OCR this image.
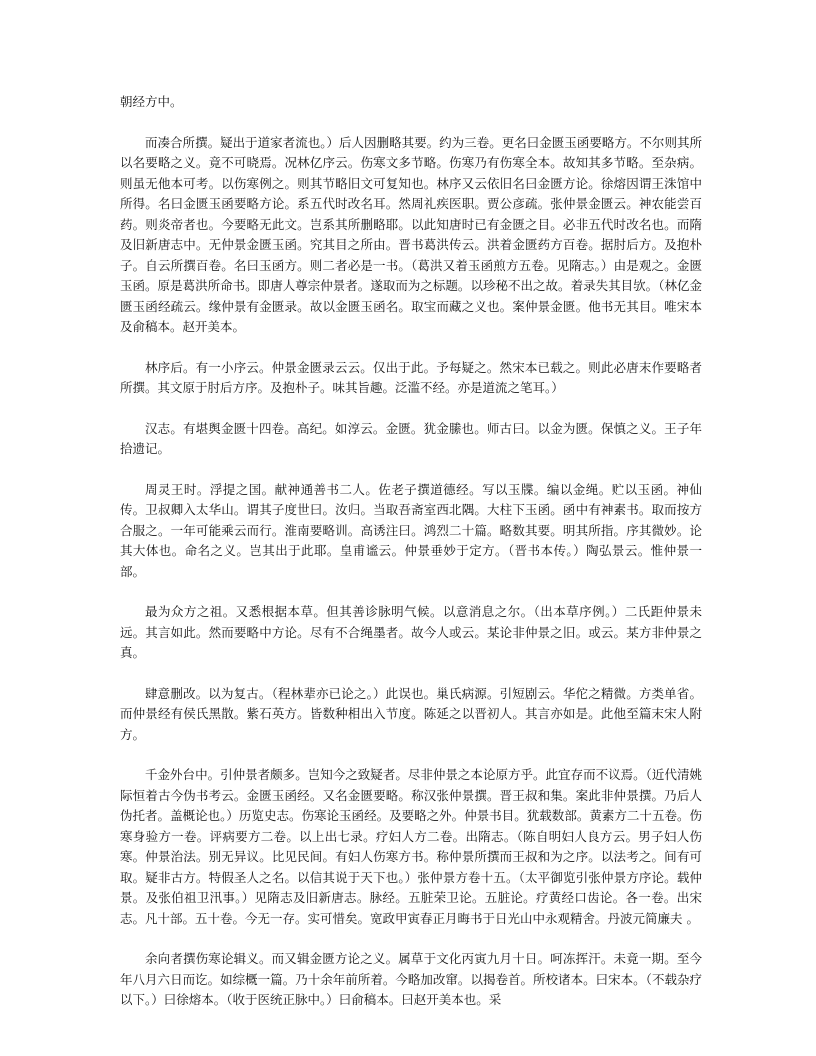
朝经方中。

而凑合所撰。疑出于道家者流也。）后人因删略其要。约为三卷。更名曰金匮玉函要略方。不尔则其所以名要略之义。竟不可晓焉。况林亿序云。伤寒文多节略。伤寒乃有伤寒全本。故知其多节略。至杂病。则虽无他本可考。以伤寒例之。则其节略旧文可复知也。林序又云依旧名曰金匮方论。徐熔因谓王洙馆中所得。名曰金匮玉函要略方论。系五代时改名耳。然周礼疾医职。贾公彦疏。张仲景金匮云。神农能尝百药。则炎帝者也。今要略无此文。岂系其所删略耶。以此知唐时已有金匮之目。必非五代时改名也。而隋及旧新唐志中。无仲景金匮玉函。究其目之所由。晋书葛洪传云。洪着金匮药方百卷。据肘后方。及抱朴子。自云所撰百卷。名曰玉函方。则二者必是一书。（葛洪又着玉函煎方五卷。见隋志。）由是观之。金匮玉函。原是葛洪所命书。即唐人尊宗仲景者。遂取而为之标题。以珍秘不出之故。着录失其目欤。（林亿金匮玉函经疏云。缘仲景有金匮录。故以金匮玉函名。取宝而藏之义也。案仲景金匮。他书无其目。唯宋本及俞稿本。赵开美本。

林序后。有一小序云。仲景金匮录云云。仅出于此。予每疑之。然宋本已载之。则此必唐末作要略者所撰。其文原于肘后方序。及抱朴子。味其旨趣。泛滥不经。亦是道流之笔耳。）

汉志。有堪舆金匮十四卷。高纪。如淳云。金匮。犹金縢也。师古曰。以金为匮。保慎之义。王子年拾遗记。

周灵王时。浮提之国。献神通善书二人。佐老子撰道德经。写以玉牒。编以金绳。贮以玉函。神仙传。卫叔卿入太华山。谓其子度世曰。汝归。当取吾斋室西北隅。大柱下玉函。函中有神素书。取而按方合服之。一年可能乘云而行。淮南要略训。高诱注曰。鸿烈二十篇。略数其要。明其所指。序其微妙。论其大体也。命名之义。岂其出于此耶。皇甫谧云。仲景垂妙于定方。（晋书本传。）陶弘景云。惟仲景一部。

最为众方之祖。又悉根据本草。但其善诊脉明气候。以意消息之尔。（出本草序例。）二氏距仲景未远。其言如此。然而要略中方论。尽有不合绳墨者。故今人或云。某论非仲景之旧。或云。某方非仲景之真。

肆意删改。以为复古。（程林辈亦已论之。）此误也。巢氏病源。引短剧云。华佗之精微。方类单省。而仲景经有侯氏黑散。紫石英方。皆数种相出入节度。陈延之以晋初人。其言亦如是。此他至篇末宋人附方。

千金外台中。引仲景者颇多。岂知今之致疑者。尽非仲景之本论原方乎。此宜存而不议焉。（近代清姚际恒着古今伪书考云。金匮玉函经。又名金匮要略。称汉张仲景撰。晋王叔和集。案此非仲景撰。乃后人伪托者。盖概论也。）历览史志。伤寒论玉函经。及要略之外。仲景书目。犹载数部。黄素方二十五卷。伤寒身验方一卷。评病要方二卷。以上出七录。疗妇人方二卷。出隋志。（陈自明妇人良方云。男子妇人伤寒。仲景治法。别无异议。比见民间。有妇人伤寒方书。称仲景所撰而王叔和为之序。以法考之。间有可取。疑非古方。特假圣人之名。以信其说于天下也。）张仲景方卷十五。（太平御览引张仲景方序论。载仲景。及张伯祖卫汛事。）见隋志及旧新唐志。脉经。五脏荣卫论。五脏论。疗黄经口齿论。各一卷。出宋志。凡十部。五十卷。今无一存。实可惜矣。宽政甲寅春正月晦书于日光山中永观精舍。丹波元简廉夫 。

余向者撰伤寒论辑义。而又辑金匮方论之义。属草于文化丙寅九月十日。呵冻挥汗。未竟一期。至今年八月六日而讫。如综概一篇。乃十余年前所着。今略加改窜。以揭卷首。所校诸本。曰宋本。（不载杂疗以下。）曰徐熔本。（收于医统正脉中。）曰俞稿本。曰赵开美本也。采
